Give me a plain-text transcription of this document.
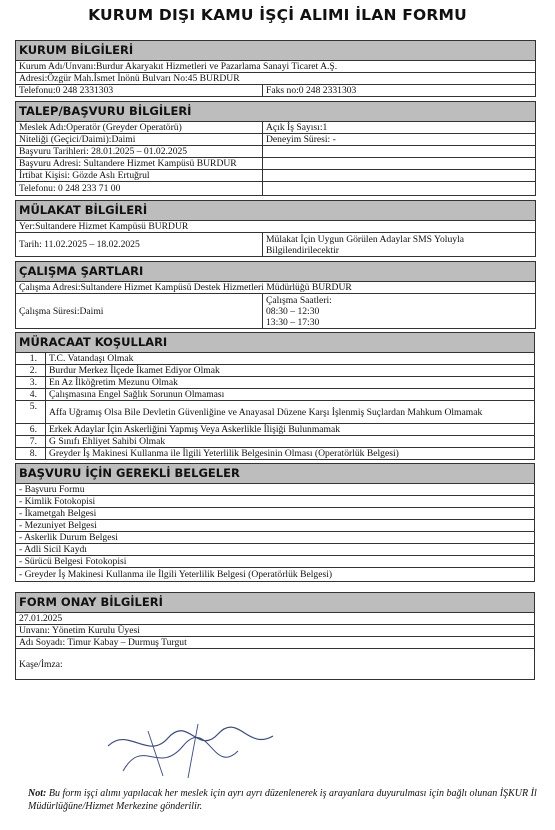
KURUM DIŞI KAMU İŞÇİ ALIMI İLAN FORMU
KURUM BİLGİLERİ	
Kurum Adı/Unvanı:Burdur Akaryakıt Hizmetleri ve Pazarlama Sanayi Ticaret A.Ş.	
Adresi:Özgür Mah.İsmet İnönü Bulvarı No:45 BURDUR	
Telefonu:0 248 2331303	Faks no:0 248 2331303

TALEP/BAŞVURU BİLGİLERİ	
Meslek Adı:Operatör (Greyder Operatörü)	Açık İş Sayısı:1
Niteliği (Geçici/Daimi):Daimi	Deneyim Süresi: -
Başvuru Tarihleri: 28.01.2025 – 01.02.2025	
Başvuru Adresi: Sultandere Hizmet Kampüsü BURDUR	
İrtibat Kişisi: Gözde Aslı Ertuğrul	
Telefonu: 0 248 233 71 00	

MÜLAKAT BİLGİLERİ	
Yer:Sultandere Hizmet Kampüsü BURDUR	
Tarih: 11.02.2025 – 18.02.2025	Mülakat İçin Uygun Görülen Adaylar SMS Yoluyla Bilgilendirilecektir

ÇALIŞMA ŞARTLARI	
Çalışma Adresi:Sultandere Hizmet Kampüsü Destek Hizmetleri Müdürlüğü BURDUR	
Çalışma Süresi:Daimi	Çalışma Saatleri:
08:30 – 12:30
13:30 – 17:30

MÜRACAAT KOŞULLARI	
1.	T.C. Vatandaşı Olmak
2.	Burdur Merkez İlçede İkamet Ediyor Olmak
3.	En Az İlköğretim Mezunu Olmak
4.	Çalışmasına Engel Sağlık Sorunun Olmaması
5.	Affa Uğramış Olsa Bile Devletin Güvenliğine ve Anayasal Düzene Karşı İşlenmiş Suçlardan Mahkum Olmamak
6.	Erkek Adaylar İçin Askerliğini Yapmış Veya Askerlikle İlişiği Bulunmamak
7.	G Sınıfı Ehliyet Sahibi Olmak
8.	Greyder İş Makinesi Kullanma ile İlgili Yeterlilik Belgesinin Olması (Operatörlük Belgesi)

BAŞVURU İÇİN GEREKLİ BELGELER
- Başvuru Formu
- Kimlik Fotokopisi
- İkametgah Belgesi
- Mezuniyet Belgesi
- Askerlik Durum Belgesi
- Adli Sicil Kaydı
- Sürücü Belgesi Fotokopisi
- Greyder İş Makinesi Kullanma ile İlgili Yeterlilik Belgesi (Operatörlük Belgesi)

FORM ONAY BİLGİLERİ
27.01.2025
Unvanı: Yönetim Kurulu Üyesi
Adı Soyadı: Timur Kabay – Durmuş Turgut
Kaşe/İmza:
Not: Bu form işçi alımı yapılacak her meslek için ayrı ayrı düzenlenerek iş arayanlara duyurulması için bağlı olunan İŞKUR İl Müdürlüğüne/Hizmet Merkezine gönderilir.
